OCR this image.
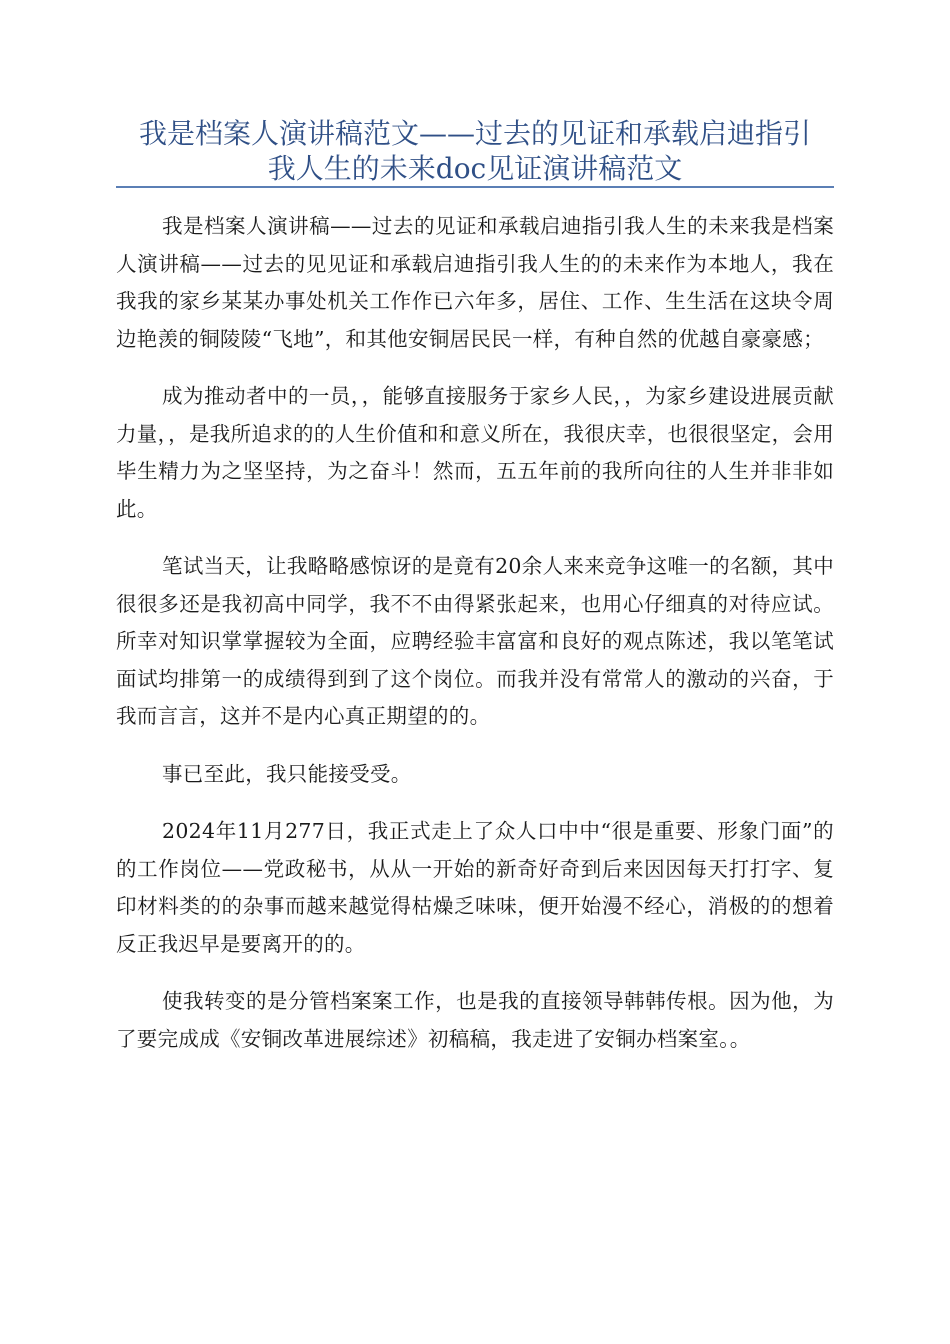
我是档案人演讲稿范文——过去的见证和承载启迪指引
我人生的未来doc见证演讲稿范文

我是档案人演讲稿——过去的见证和承载启迪指引我人生的未来我是档案人演讲稿——过去的见见证和承载启迪指引我人生的的未来作为本地人，我在我我的家乡某某办事处机关工作作已六年多，居住、工作、生生活在这块令周边艳羡的铜陵陵“飞地”，和其他安铜居民民一样，有种自然的优越自豪豪感；

成为推动者中的一员，，能够直接服务于家乡人民，，为家乡建设进展贡献力量，，是我所追求的的人生价值和和意义所在，我很庆幸，也很很坚定，会用毕生精力为之坚坚持，为之奋斗！然而，五五年前的我所向往的人生并非非如此。

笔试当天，让我略略感惊讶的是竟有20余人来来竞争这唯一的名额，其中很很多还是我初高中同学，我不不由得紧张起来，也用心仔细真的对待应试。所幸对知识掌掌握较为全面，应聘经验丰富富和良好的观点陈述，我以笔笔试面试均排第一的成绩得到到了这个岗位。而我并没有常常人的激动的兴奋，于我而言言，这并不是内心真正期望的的。

事已至此，我只能接受受。

2024年11月277日，我正式走上了众人口中中“很是重要、形象门面”的的工作岗位——党政秘书，从从一开始的新奇好奇到后来因因每天打打字、复印材料类的的杂事而越来越觉得枯燥乏味味，便开始漫不经心，消极的的想着反正我迟早是要离开的的。

使我转变的是分管档案案工作，也是我的直接领导韩韩传根。因为他，为了要完成成《安铜改革进展综述》初稿稿，我走进了安铜办档案室。。
